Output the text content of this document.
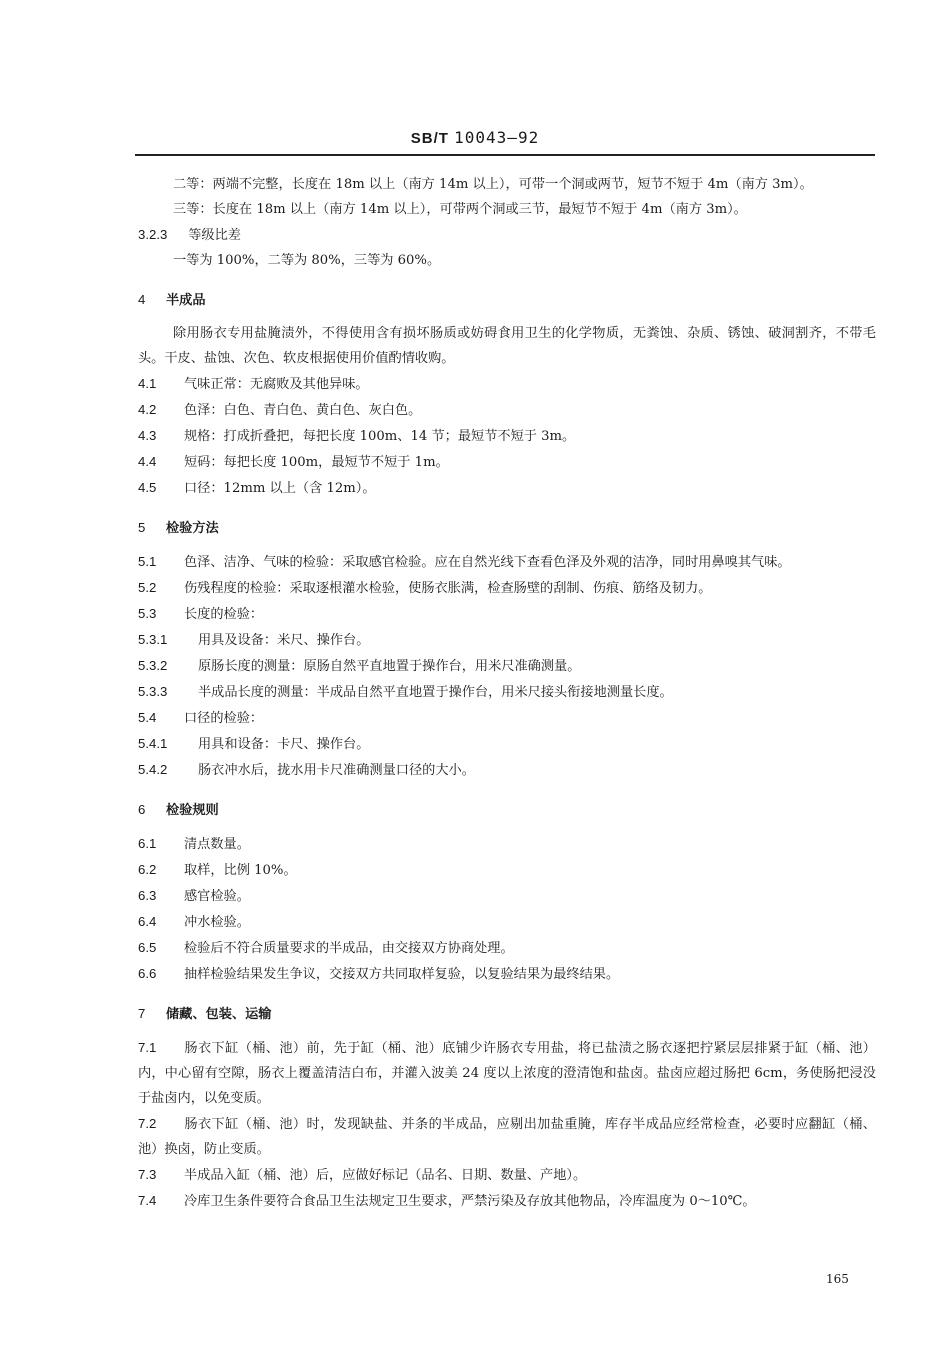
SB/T 10043—92

二等：两端不完整，长度在 18m 以上（南方 14m 以上），可带一个洞或两节，短节不短于 4m（南方 3m）。

三等：长度在 18m 以上（南方 14m 以上），可带两个洞或三节，最短节不短于 4m（南方 3m）。

3.2.3 等级比差

一等为 100%，二等为 80%，三等为 60%。

4 半成品

除用肠衣专用盐腌渍外，不得使用含有损坏肠质或妨碍食用卫生的化学物质，无粪蚀、杂质、锈蚀、破洞割齐，不带毛头。干皮、盐蚀、次色、软皮根据使用价值酌情收购。

4.1 气味正常：无腐败及其他异味。

4.2 色泽：白色、青白色、黄白色、灰白色。

4.3 规格：打成折叠把，每把长度 100m、14 节；最短节不短于 3m。

4.4 短码：每把长度 100m，最短节不短于 1m。

4.5 口径：12mm 以上（含 12m）。

5 检验方法

5.1 色泽、洁净、气味的检验：采取感官检验。应在自然光线下查看色泽及外观的洁净，同时用鼻嗅其气味。

5.2 伤残程度的检验：采取逐根灌水检验，使肠衣胀满，检查肠壁的刮制、伤痕、筋络及韧力。

5.3 长度的检验：

5.3.1 用具及设备：米尺、操作台。

5.3.2 原肠长度的测量：原肠自然平直地置于操作台，用米尺准确测量。

5.3.3 半成品长度的测量：半成品自然平直地置于操作台，用米尺接头衔接地测量长度。

5.4 口径的检验：

5.4.1 用具和设备：卡尺、操作台。

5.4.2 肠衣冲水后，拢水用卡尺准确测量口径的大小。

6 检验规则

6.1 清点数量。

6.2 取样，比例 10%。

6.3 感官检验。

6.4 冲水检验。

6.5 检验后不符合质量要求的半成品，由交接双方协商处理。

6.6 抽样检验结果发生争议，交接双方共同取样复验，以复验结果为最终结果。

7 储藏、包装、运输

7.1 肠衣下缸（桶、池）前，先于缸（桶、池）底铺少许肠衣专用盐，将已盐渍之肠衣逐把拧紧层层排紧于缸（桶、池）内，中心留有空隙，肠衣上覆盖清洁白布，并灌入波美 24 度以上浓度的澄清饱和盐卤。盐卤应超过肠把 6cm，务使肠把浸没于盐卤内，以免变质。

7.2 肠衣下缸（桶、池）时，发现缺盐、并条的半成品，应剔出加盐重腌，库存半成品应经常检查，必要时应翻缸（桶、池）换卤，防止变质。

7.3 半成品入缸（桶、池）后，应做好标记（品名、日期、数量、产地）。

7.4 冷库卫生条件要符合食品卫生法规定卫生要求，严禁污染及存放其他物品，冷库温度为 0～10℃。

165
